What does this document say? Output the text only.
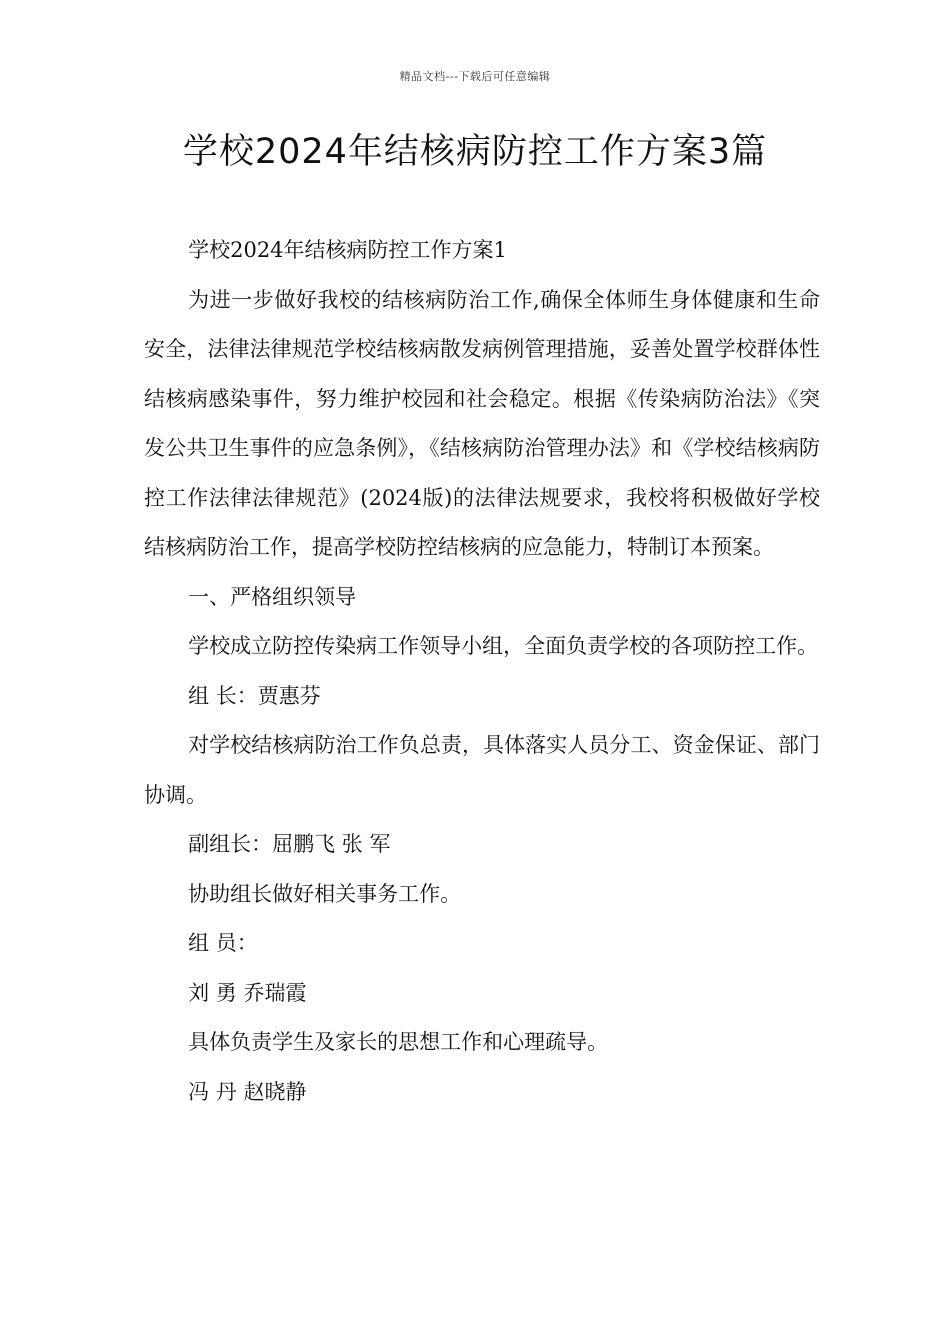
精品文档---下载后可任意编辑
学校2024年结核病防控工作方案3篇

学校2024年结核病防控工作方案1

为进一步做好我校的结核病防治工作,确保全体师生身体健康和生命安全，法律法律规范学校结核病散发病例管理措施，妥善处置学校群体性结核病感染事件，努力维护校园和社会稳定。根据《传染病防治法》《突发公共卫生事件的应急条例》，《结核病防治管理办法》和《学校结核病防控工作法律法律规范》(2024版)的法律法规要求，我校将积极做好学校结核病防治工作，提高学校防控结核病的应急能力，特制订本预案。

一、严格组织领导

学校成立防控传染病工作领导小组，全面负责学校的各项防控工作。

组 长：贾惠芬

对学校结核病防治工作负总责，具体落实人员分工、资金保证、部门协调。

副组长：屈鹏飞 张 军

协助组长做好相关事务工作。

组 员：

刘 勇 乔瑞霞

具体负责学生及家长的思想工作和心理疏导。

冯 丹 赵晓静
